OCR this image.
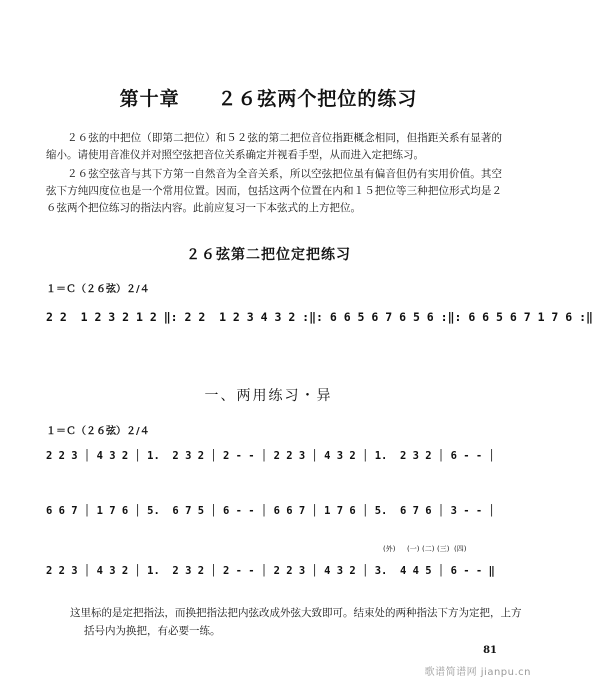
第十章 ２６弦两个把位的练习

２６弦的中把位（即第二把位）和５２弦的第二把位音位指距概念相同，但指距关系有显著的缩小。请使用音准仪并对照空弦把音位关系确定并视看手型，从而进入定把练习。

２６弦空弦音与其下方第一自然音为全音关系，所以空弦把位虽有偏音但仍有实用价值。其空弦下方纯四度位也是一个常用位置。因而，包括这两个位置在内和１５把位等三种把位形式均是２６弦两个把位练习的指法内容。此前应复习一下本弦式的上方把位。

２６弦第二把位定把练习
１＝Ｃ（２６弦）２/４
2 2  1 2 3 2 1 2 ‖: 2 2  1 2 3 4 3 2 :‖: 6 6 5 6 7 6 5 6 :‖: 6 6 5 6 7 1 7 6 :‖
一、两用练习・异
１＝Ｃ（２６弦）２/４
2 2 3 │ 4 3 2 │ 1.  2 3 2 │ 2 - - │ 2 2 3 │ 4 3 2 │ 1.  2 3 2 │ 6 - - │
6 6 7 │ 1 7 6 │ 5.  6 7 5 │ 6 - - │ 6 6 7 │ 1 7 6 │ 5.  6 7 6 │ 3 - - │
(外) (一) (二) (三) (四)
2 2 3 │ 4 3 2 │ 1.  2 3 2 │ 2 - - │ 2 2 3 │ 4 3 2 │ 3.  4 4 5 │ 6 - - ‖

这里标的是定把指法，而换把指法把内弦改成外弦大致即可。结束处的两种指法下方为定把，上方括号内为换把，有必要一练。

81
歌谱简谱网 jianpu.cn
